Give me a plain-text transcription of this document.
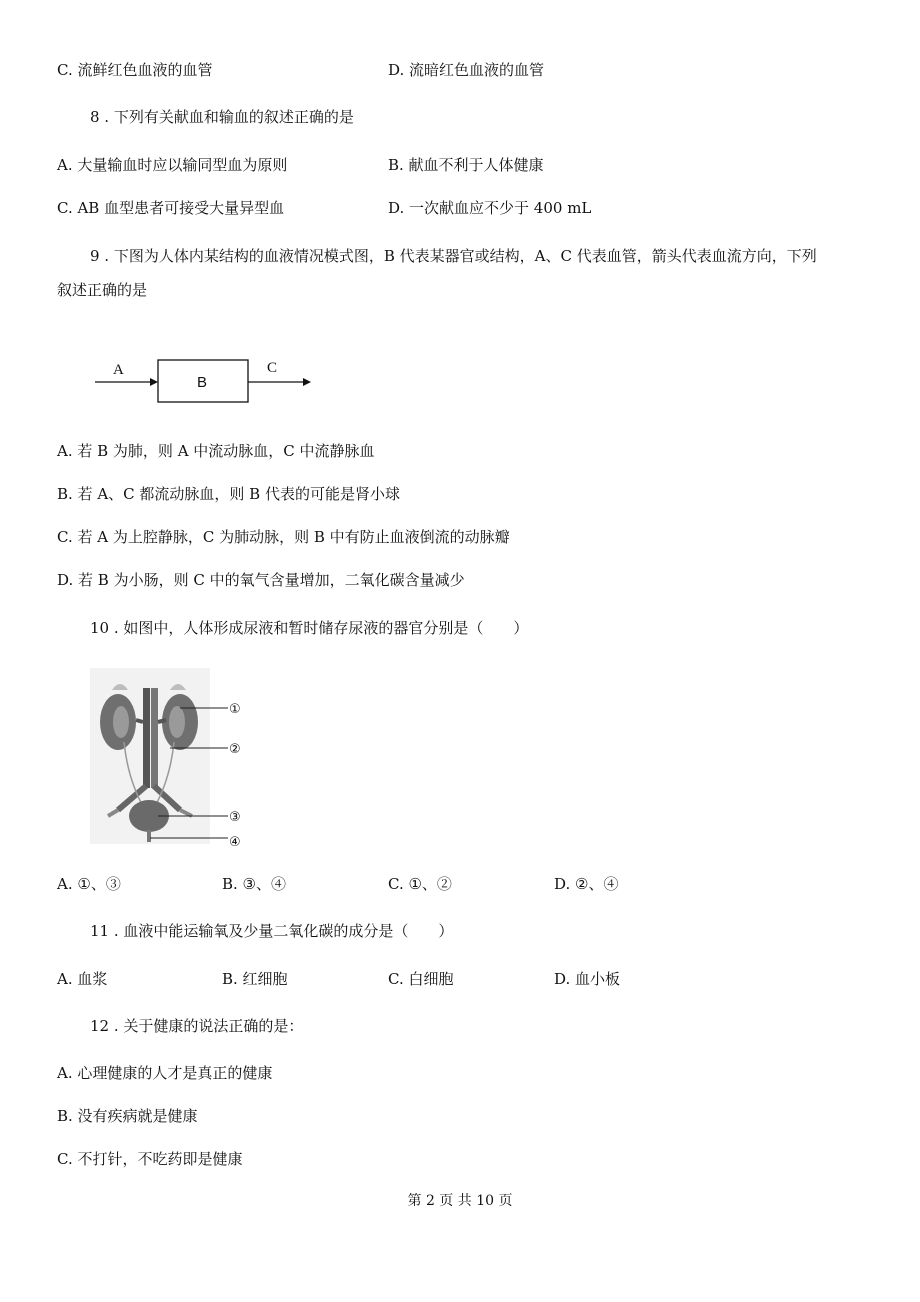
C. 流鲜红色血液的血管	D. 流暗红色血液的血管
8 . 下列有关献血和输血的叙述正确的是
A. 大量输血时应以输同型血为原则	B. 献血不利于人体健康
C. AB 血型患者可接受大量异型血	D. 一次献血应不少于 400 mL
9 . 下图为人体内某结构的血液情况模式图，B 代表某器官或结构，A、C 代表血管，箭头代表血流方向，下列
叙述正确的是
A
B
C
A. 若 B 为肺，则 A 中流动脉血，C 中流静脉血
B. 若 A、C 都流动脉血，则 B 代表的可能是肾小球
C. 若 A 为上腔静脉，C 为肺动脉，则 B 中有防止血液倒流的动脉瓣
D. 若 B 为小肠，则 C 中的氧气含量增加，二氧化碳含量减少
10 . 如图中，人体形成尿液和暂时储存尿液的器官分别是（　　）
①
②
③
④
A. ①、③	B. ③、④	C. ①、②	D. ②、④
11 . 血液中能运输氧及少量二氧化碳的成分是（　　）
A. 血浆	B. 红细胞	C. 白细胞	D. 血小板
12 . 关于健康的说法正确的是：
A. 心理健康的人才是真正的健康
B. 没有疾病就是健康
C. 不打针，不吃药即是健康
第 2 页 共 10 页
